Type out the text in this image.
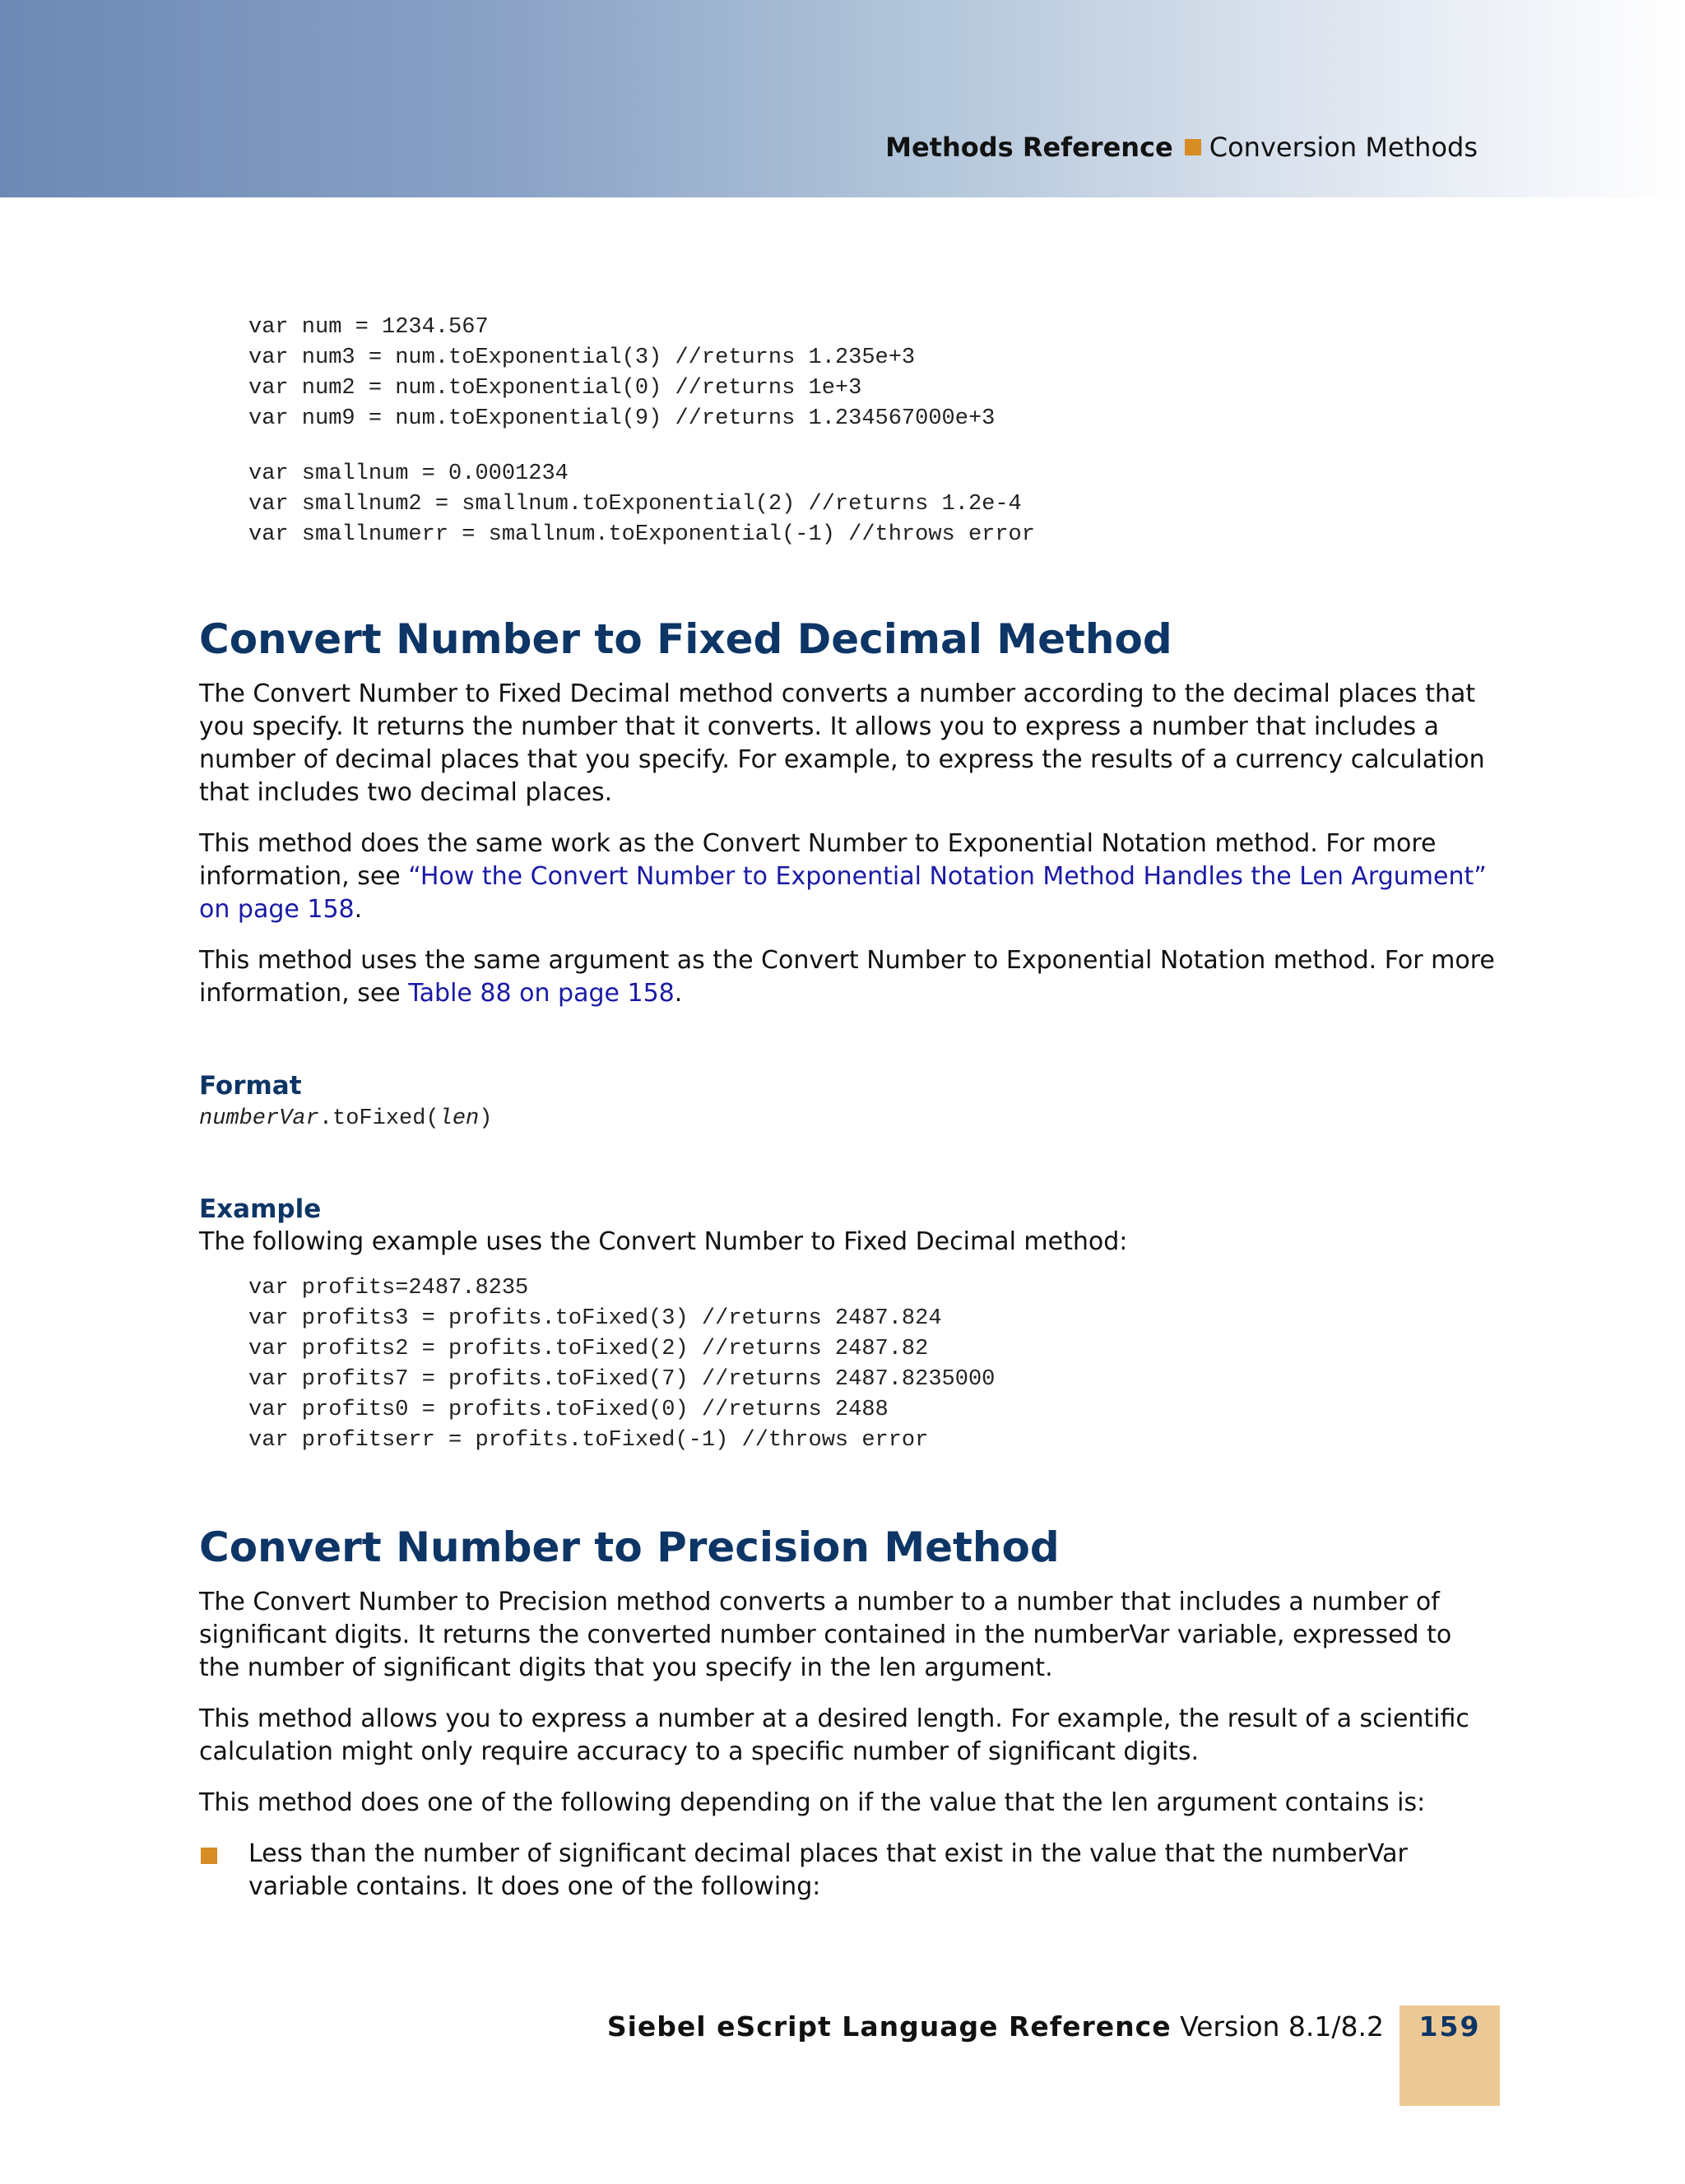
Methods Reference Conversion Methods
var num = 1234.567
var num3 = num.toExponential(3) //returns 1.235e+3
var num2 = num.toExponential(0) //returns 1e+3
var num9 = num.toExponential(9) //returns 1.234567000e+3
var smallnum = 0.0001234
var smallnum2 = smallnum.toExponential(2) //returns 1.2e-4
var smallnumerr = smallnum.toExponential(-1) //throws error
Convert Number to Fixed Decimal Method

The Convert Number to Fixed Decimal method converts a number according to the decimal places that you specify. It returns the number that it converts. It allows you to express a number that includes a number of decimal places that you specify. For example, to express the results of a currency calculation that includes two decimal places.

This method does the same work as the Convert Number to Exponential Notation method. For more information, see “How the Convert Number to Exponential Notation Method Handles the Len Argument” on page 158.

This method uses the same argument as the Convert Number to Exponential Notation method. For more information, see Table 88 on page 158.

Format
numberVar.toFixed(len)
Example

The following example uses the Convert Number to Fixed Decimal method:

var profits=2487.8235
var profits3 = profits.toFixed(3) //returns 2487.824
var profits2 = profits.toFixed(2) //returns 2487.82
var profits7 = profits.toFixed(7) //returns 2487.8235000
var profits0 = profits.toFixed(0) //returns 2488
var profitserr = profits.toFixed(-1) //throws error
Convert Number to Precision Method

The Convert Number to Precision method converts a number to a number that includes a number of significant digits. It returns the converted number contained in the numberVar variable, expressed to the number of significant digits that you specify in the len argument.

This method allows you to express a number at a desired length. For example, the result of a scientific calculation might only require accuracy to a specific number of significant digits.

This method does one of the following depending on if the value that the len argument contains is:

Less than the number of significant decimal places that exist in the value that the numberVar variable contains. It does one of the following:

Siebel eScript Language Reference Version 8.1/8.2	159
